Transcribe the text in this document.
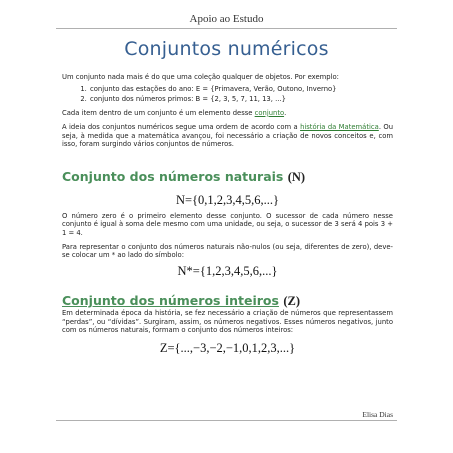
Apoio ao Estudo
Conjuntos numéricos

Um conjunto nada mais é do que uma coleção qualquer de objetos. Por exemplo:

1. conjunto das estações do ano: E = {Primavera, Verão, Outono, Inverno}
2. conjunto dos números primos: B = {2, 3, 5, 7, 11, 13, ...}

Cada item dentro de um conjunto é um elemento desse conjunto.

A ideia dos conjuntos numéricos segue uma ordem de acordo com a história da Matemática. Ou seja, à medida que a matemática avançou, foi necessário a criação de novos conceitos e, com isso, foram surgindo vários conjuntos de números.

Conjunto dos números naturais (N)

N={0,1,2,3,4,5,6,...}

O número zero é o primeiro elemento desse conjunto. O sucessor de cada número nesse conjunto é igual à soma dele mesmo com uma unidade, ou seja, o sucessor de 3 será 4 pois 3 + 1 = 4.

Para representar o conjunto dos números naturais não-nulos (ou seja, diferentes de zero), deve-se colocar um * ao lado do símbolo:

N*={1,2,3,4,5,6,...}

Conjunto dos números inteiros (Z)

Em determinada época da história, se fez necessário a criação de números que representassem “perdas”, ou “dívidas”. Surgiram, assim, os números negativos. Esses números negativos, junto com os números naturais, formam o conjunto dos números inteiros:

Z={...,−3,−2,−1,0,1,2,3,...}

Elisa Dias
